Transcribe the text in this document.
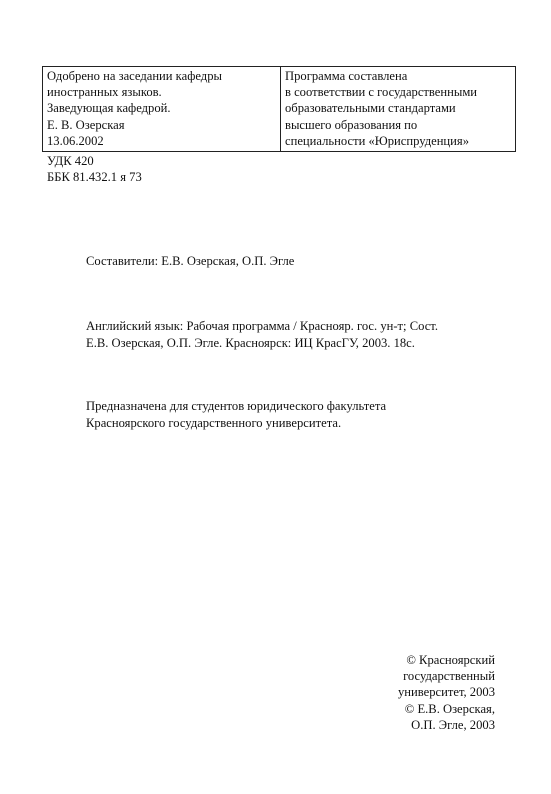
Одобрено на заседании кафедры
иностранных языков.
Заведующая кафедрой.
Е. В. Озерская
13.06.2002
Программа составлена
в соответствии с государственными
образовательными стандартами
высшего образования по
специальности «Юриспруденция»
УДК 420
ББК 81.432.1 я 73
Составители: Е.В. Озерская, О.П. Эгле
Английский язык: Рабочая программа / Краснояр. гос. ун-т; Сост.
Е.В. Озерская, О.П. Эгле. Красноярск: ИЦ КрасГУ, 2003. 18с.
Предназначена для студентов юридического факультета
Красноярского государственного университета.
© Красноярский
государственный
университет, 2003
© Е.В. Озерская,
О.П. Эгле, 2003
